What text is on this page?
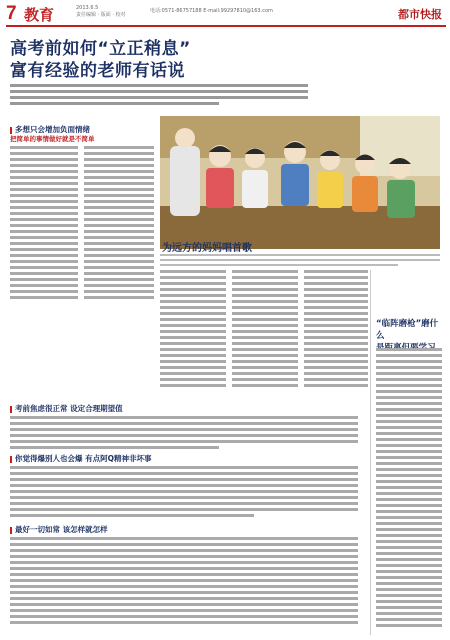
7 教育	2013.6.5
责任编辑 · 版面 · 校对
电话:0571-86757188 E-mail:99297810@163.com	都市快报
高考前如何“立正稍息”
富有经验的老师有话说
多想只会增加负面情绪
把简单的事情做好就是不简单
为远方的妈妈唱首歌
考前焦虑很正常 设定合理期望值
你觉得爆别人也会爆 有点阿Q精神非坏事
最好一切如常 该怎样就怎样
“临阵磨枪”磨什么
